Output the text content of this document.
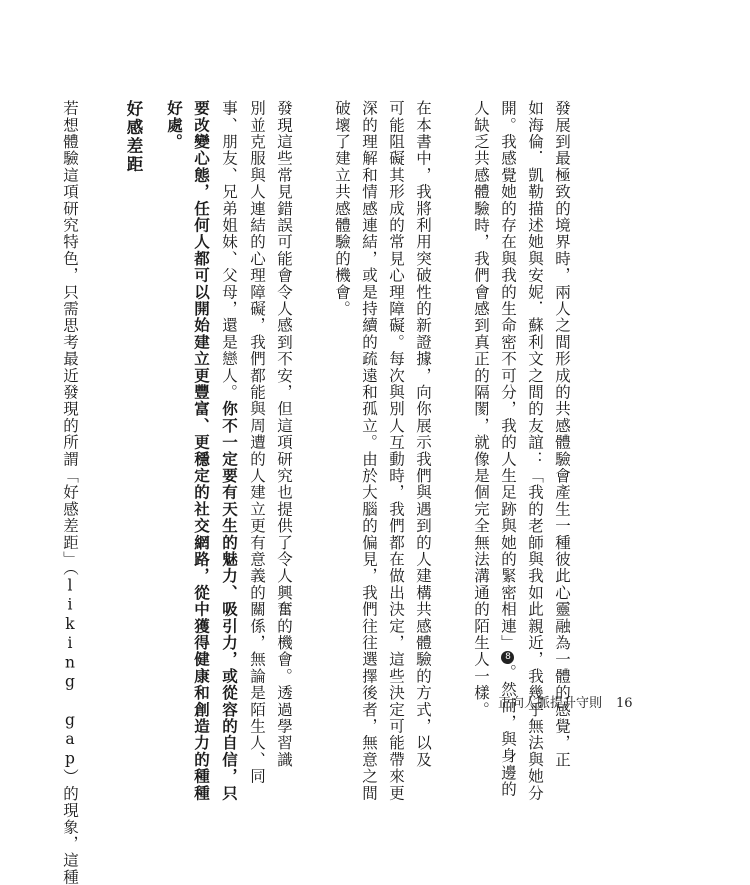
發展到最極致的境界時，兩人之間形成的共感體驗會產生一種彼此心靈融為一體的感覺，正

如海倫．凱勒描述她與安妮．蘇利文之間的友誼：「我的老師與我如此親近，我幾乎無法與她分

開。我感覺她的存在與我的生命密不可分，我的人生足跡與她的緊密相連」8。然而，與身邊的

人缺乏共感體驗時，我們會感到真正的隔閡，就像是個完全無法溝通的陌生人一樣。

在本書中，我將利用突破性的新證據，向你展示我們與遇到的人建構共感體驗的方式，以及

可能阻礙其形成的常見心理障礙。每次與別人互動時，我們都在做出決定，這些決定可能帶來更

深的理解和情感連結，或是持續的疏遠和孤立。由於大腦的偏見，我們往往選擇後者，無意之間

破壞了建立共感體驗的機會。

發現這些常見錯誤可能會令人感到不安，但這項研究也提供了令人興奮的機會。透過學習識

別並克服與人連結的心理障礙，我們都能與周遭的人建立更有意義的關係，無論是陌生人、同

事、朋友、兄弟姐妹、父母，還是戀人。你不一定要有天生的魅力、吸引力，或從容的自信，只

要改變心態，任何人都可以開始建立更豐富、更穩定的社交網路，從中獲得健康和創造力的種種

好處。

好感差距

若想體驗這項研究特色，只需思考最近發現的所謂「好感差距」（liking gap）的現象，這種	正向人脈提升守則 16
